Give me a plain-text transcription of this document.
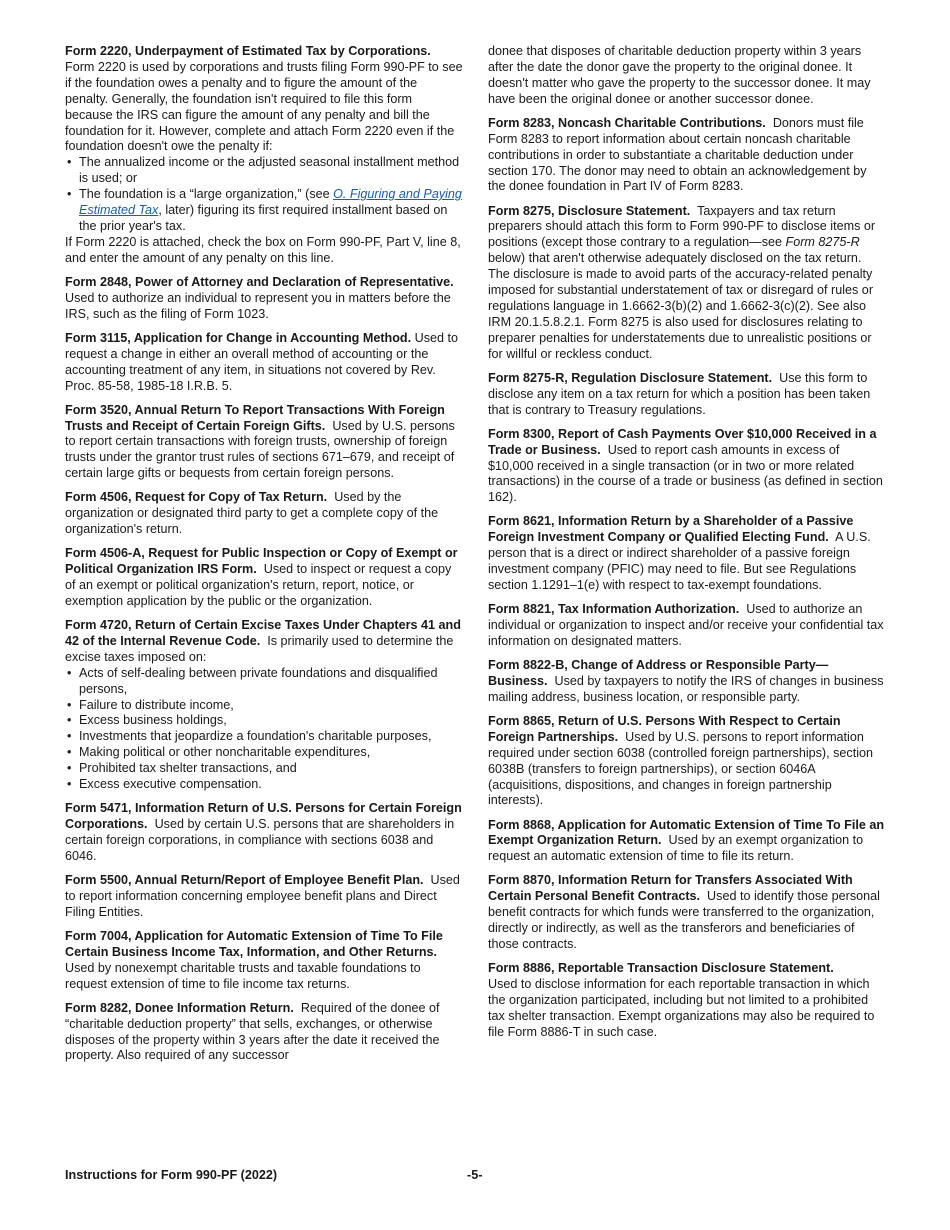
Form 2220, Underpayment of Estimated Tax by Corporations.  Form 2220 is used by corporations and trusts filing Form 990-PF to see if the foundation owes a penalty and to figure the amount of the penalty. Generally, the foundation isn't required to file this form because the IRS can figure the amount of any penalty and bill the foundation for it. However, complete and attach Form 2220 even if the foundation doesn't owe the penalty if:

• The annualized income or the adjusted seasonal installment method is used; or

• The foundation is a “large organization,” (see O. Figuring and Paying Estimated Tax, later) figuring its first required installment based on the prior year's tax.

If Form 2220 is attached, check the box on Form 990-PF, Part V, line 8, and enter the amount of any penalty on this line.

Form 2848, Power of Attorney and Declaration of Representative.  Used to authorize an individual to represent you in matters before the IRS, such as the filing of Form 1023.

Form 3115, Application for Change in Accounting Method. Used to request a change in either an overall method of accounting or the accounting treatment of any item, in situations not covered by Rev. Proc. 85-58, 1985-18 I.R.B. 5.

Form 3520, Annual Return To Report Transactions With Foreign Trusts and Receipt of Certain Foreign Gifts. Used by U.S. persons to report certain transactions with foreign trusts, ownership of foreign trusts under the grantor trust rules of sections 671–679, and receipt of certain large gifts or bequests from certain foreign persons.

Form 4506, Request for Copy of Tax Return. Used by the organization or designated third party to get a complete copy of the organization's return.

Form 4506-A, Request for Public Inspection or Copy of Exempt or Political Organization IRS Form. Used to inspect or request a copy of an exempt or political organization's return, report, notice, or exemption application by the public or the organization.

Form 4720, Return of Certain Excise Taxes Under Chapters 41 and 42 of the Internal Revenue Code. Is primarily used to determine the excise taxes imposed on:

• Acts of self-dealing between private foundations and disqualified persons,

• Failure to distribute income,

• Excess business holdings,

• Investments that jeopardize a foundation's charitable purposes,

• Making political or other noncharitable expenditures,

• Prohibited tax shelter transactions, and

• Excess executive compensation.

Form 5471, Information Return of U.S. Persons for Certain Foreign Corporations. Used by certain U.S. persons that are shareholders in certain foreign corporations, in compliance with sections 6038 and 6046.

Form 5500, Annual Return/Report of Employee Benefit Plan. Used to report information concerning employee benefit plans and Direct Filing Entities.

Form 7004, Application for Automatic Extension of Time To File Certain Business Income Tax, Information, and Other Returns.  Used by nonexempt charitable trusts and taxable foundations to request extension of time to file income tax returns.

Form 8282, Donee Information Return. Required of the donee of “charitable deduction property” that sells, exchanges, or otherwise disposes of the property within 3 years after the date it received the property. Also required of any successor

donee that disposes of charitable deduction property within 3 years after the date the donor gave the property to the original donee. It doesn't matter who gave the property to the successor donee. It may have been the original donee or another successor donee.

Form 8283, Noncash Charitable Contributions. Donors must file Form 8283 to report information about certain noncash charitable contributions in order to substantiate a charitable deduction under section 170. The donor may need to obtain an acknowledgement by the donee foundation in Part IV of Form 8283.

Form 8275, Disclosure Statement. Taxpayers and tax return preparers should attach this form to Form 990-PF to disclose items or positions (except those contrary to a regulation—see Form 8275-R below) that aren't otherwise adequately disclosed on the tax return. The disclosure is made to avoid parts of the accuracy-related penalty imposed for substantial understatement of tax or disregard of rules or regulations language in 1.6662-3(b)(2) and 1.6662-3(c)(2). See also IRM 20.1.5.8.2.1. Form 8275 is also used for disclosures relating to preparer penalties for understatements due to unrealistic positions or for willful or reckless conduct.

Form 8275-R, Regulation Disclosure Statement. Use this form to disclose any item on a tax return for which a position has been taken that is contrary to Treasury regulations.

Form 8300, Report of Cash Payments Over $10,000 Received in a Trade or Business. Used to report cash amounts in excess of $10,000 received in a single transaction (or in two or more related transactions) in the course of a trade or business (as defined in section 162).

Form 8621, Information Return by a Shareholder of a Passive Foreign Investment Company or Qualified Electing Fund. A U.S. person that is a direct or indirect shareholder of a passive foreign investment company (PFIC) may need to file. But see Regulations section 1.1291–1(e) with respect to tax-exempt foundations.

Form 8821, Tax Information Authorization. Used to authorize an individual or organization to inspect and/or receive your confidential tax information on designated matters.

Form 8822-B, Change of Address or Responsible Party—Business. Used by taxpayers to notify the IRS of changes in business mailing address, business location, or responsible party.

Form 8865, Return of U.S. Persons With Respect to Certain Foreign Partnerships. Used by U.S. persons to report information required under section 6038 (controlled foreign partnerships), section 6038B (transfers to foreign partnerships), or section 6046A (acquisitions, dispositions, and changes in foreign partnership interests).

Form 8868, Application for Automatic Extension of Time To File an Exempt Organization Return. Used by an exempt organization to request an automatic extension of time to file its return.

Form 8870, Information Return for Transfers Associated With Certain Personal Benefit Contracts. Used to identify those personal benefit contracts for which funds were transferred to the organization, directly or indirectly, as well as the transferors and beneficiaries of those contracts.

Form 8886, Reportable Transaction Disclosure Statement.
Used to disclose information for each reportable transaction in which the organization participated, including but not limited to a prohibited tax shelter transaction. Exempt organizations may also be required to file Form 8886-T in such case.

Instructions for Form 990-PF (2022)	-5-
